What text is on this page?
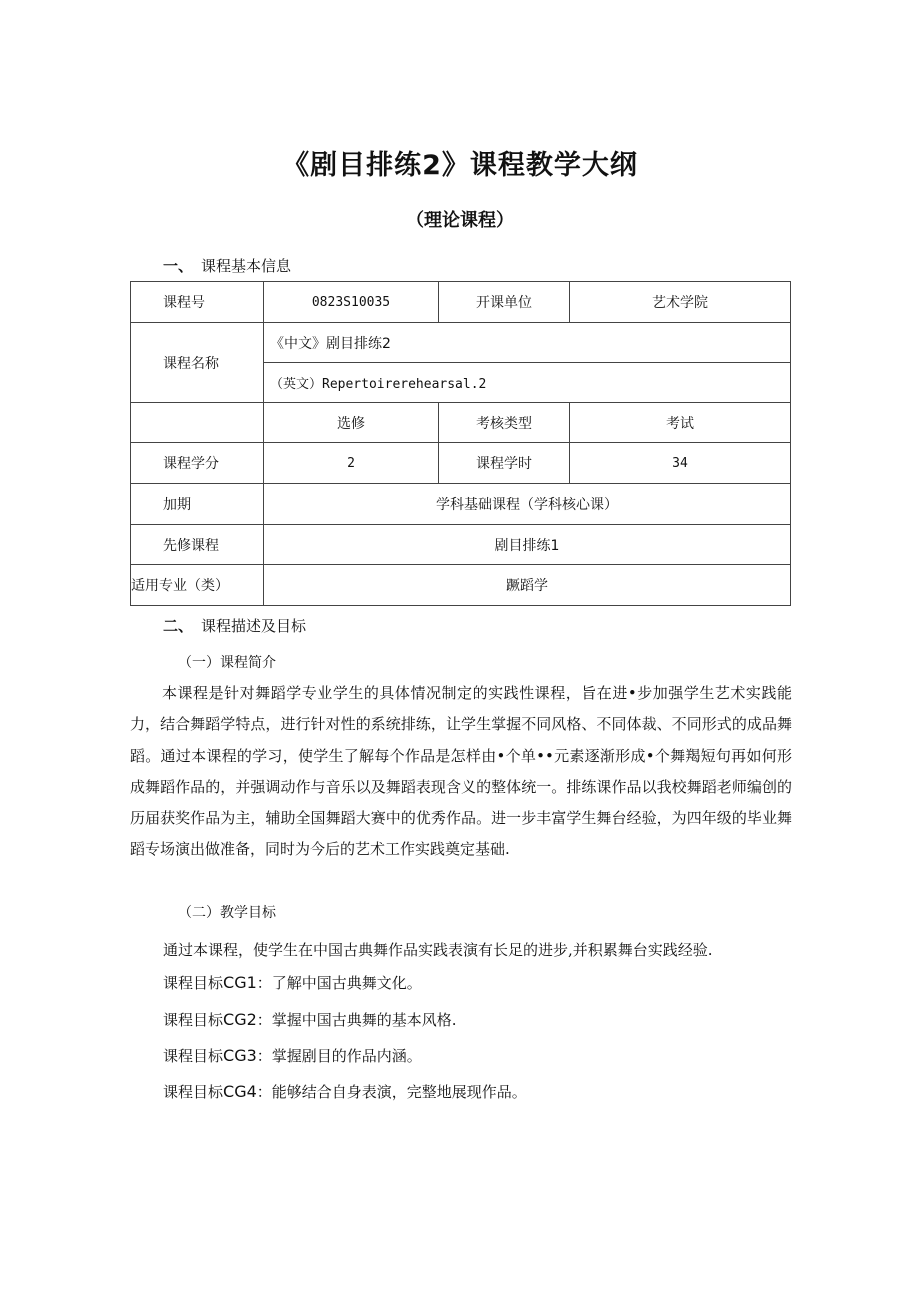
《剧目排练2》课程教学大纲
（理论课程）
一、 课程基本信息
课程号	0823S10035	开课单位	艺术学院
课程名称	《中文》剧目排练2		
	（英文）Repertoirerehearsal.2		
	选修	考核类型	考试
课程学分	2	课程学时	34
加期	学科基础课程（学科核心课）		
先修课程	剧目排练1		
适用专业（类）	蹶蹈学		
二、 课程描述及目标
（一）课程简介

本课程是针对舞蹈学专业学生的具体情况制定的实践性课程，旨在进•步加强学生艺术实践能力，结合舞蹈学特点，进行针对性的系统排练，让学生掌握不同风格、不同体裁、不同形式的成品舞蹈。通过本课程的学习，使学生了解每个作品是怎样由•个单••元素逐渐形成•个舞羯短句再如何形成舞蹈作品的，并强调动作与音乐以及舞蹈表现含义的整体统一。排练课作品以我校舞蹈老师编创的历届获奖作品为主，辅助全国舞蹈大赛中的优秀作品。进一步丰富学生舞台经验，为四年级的毕业舞蹈专场演出做准备，同时为今后的艺术工作实践奠定基础.

（二）教学目标
通过本课程，使学生在中国古典舞作品实践表演有长足的进步,并积累舞台实践经验.
课程目标CG1：了解中国古典舞文化。
课程目标CG2：掌握中国古典舞的基本风格.
课程目标CG3：掌握剧目的作品内涵。
课程目标CG4：能够结合自身表演，完整地展现作品。
